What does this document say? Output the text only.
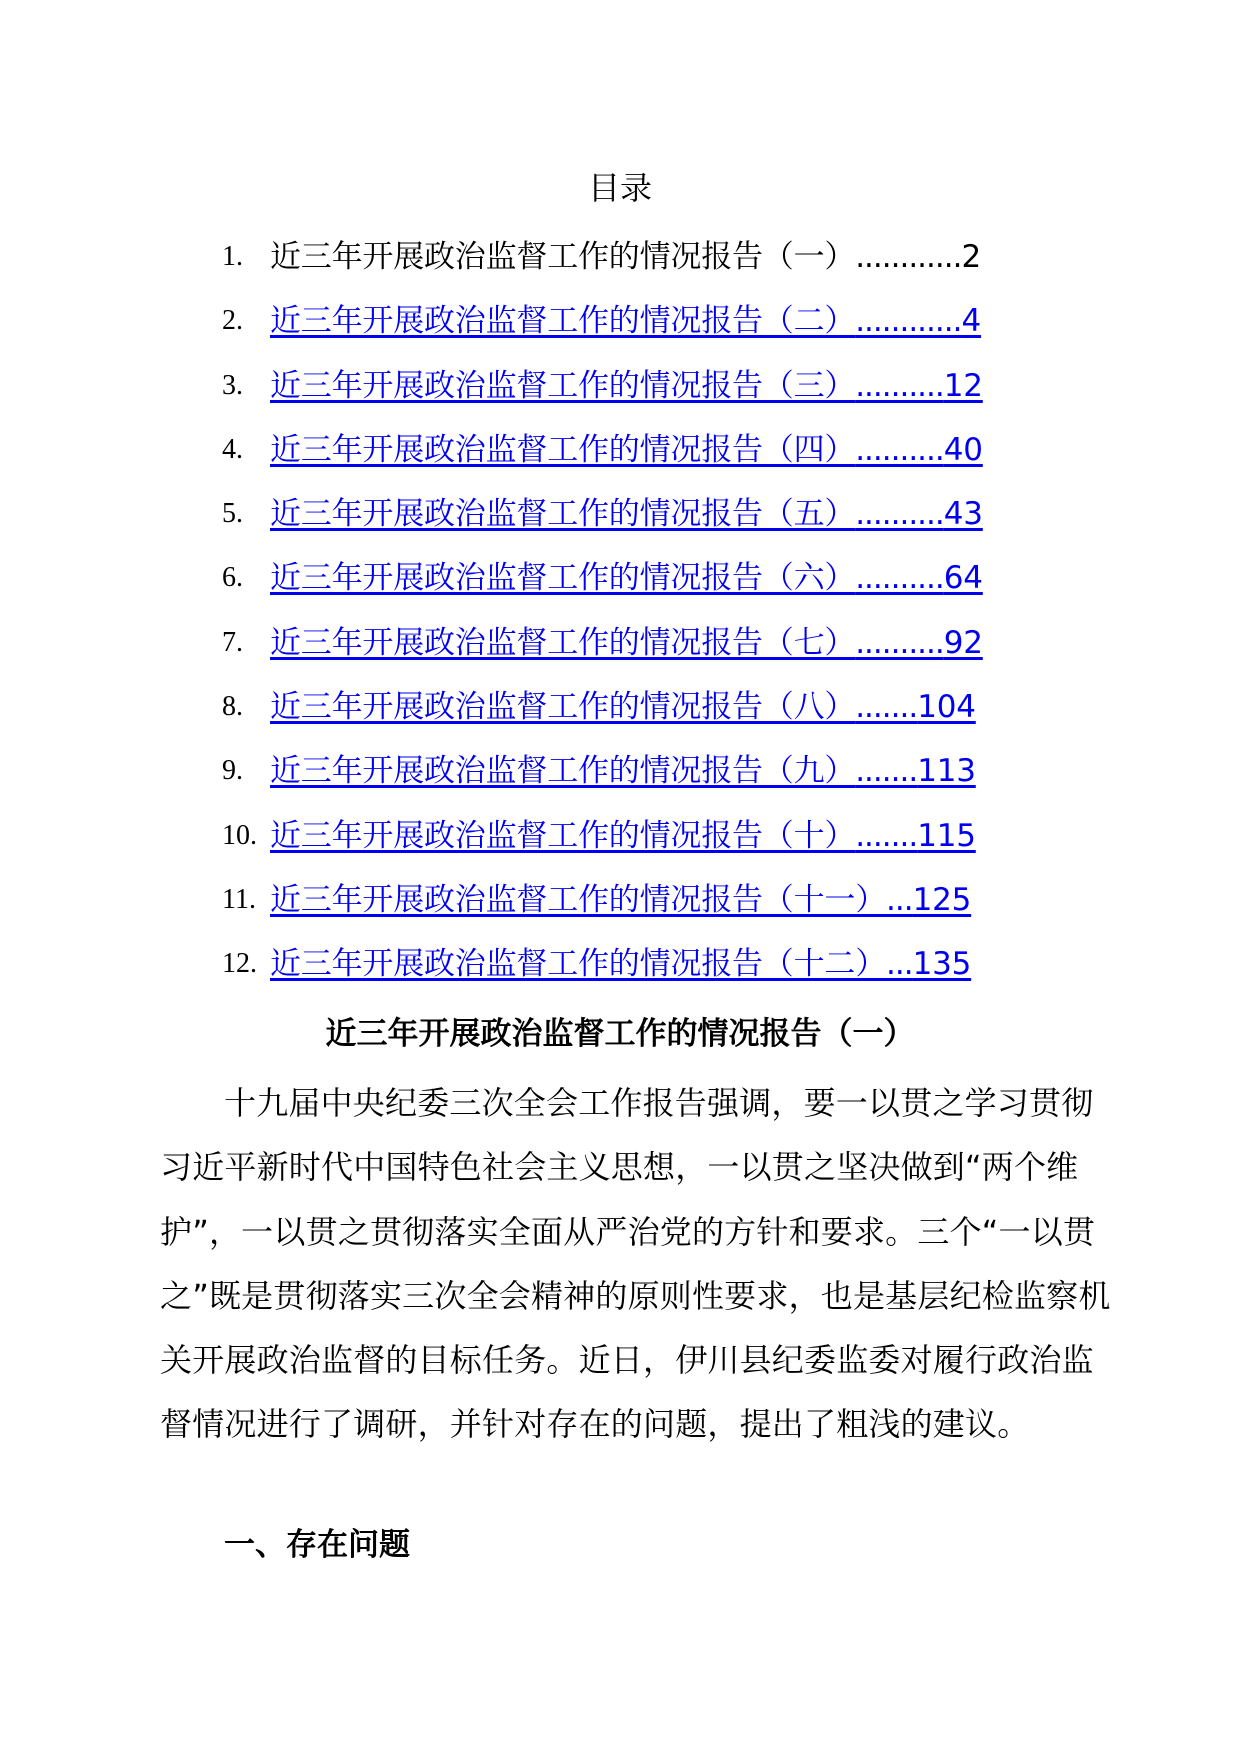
目录
1. 近三年开展政治监督工作的情况报告（一）............2
2. 近三年开展政治监督工作的情况报告（二）............4
3. 近三年开展政治监督工作的情况报告（三）..........12
4. 近三年开展政治监督工作的情况报告（四）..........40
5. 近三年开展政治监督工作的情况报告（五）..........43
6. 近三年开展政治监督工作的情况报告（六）..........64
7. 近三年开展政治监督工作的情况报告（七）..........92
8. 近三年开展政治监督工作的情况报告（八）.......104
9. 近三年开展政治监督工作的情况报告（九）.......113
10. 近三年开展政治监督工作的情况报告（十）.......115
11. 近三年开展政治监督工作的情况报告（十一）...125
12. 近三年开展政治监督工作的情况报告（十二）...135
近三年开展政治监督工作的情况报告（一）

十九届中央纪委三次全会工作报告强调，要一以贯之学习贯彻习近平新时代中国特色社会主义思想，一以贯之坚决做到“两个维护”，一以贯之贯彻落实全面从严治党的方针和要求。三个“一以贯之”既是贯彻落实三次全会精神的原则性要求，也是基层纪检监察机关开展政治监督的目标任务。近日，伊川县纪委监委对履行政治监督情况进行了调研，并针对存在的问题，提出了粗浅的建议。

一、存在问题
